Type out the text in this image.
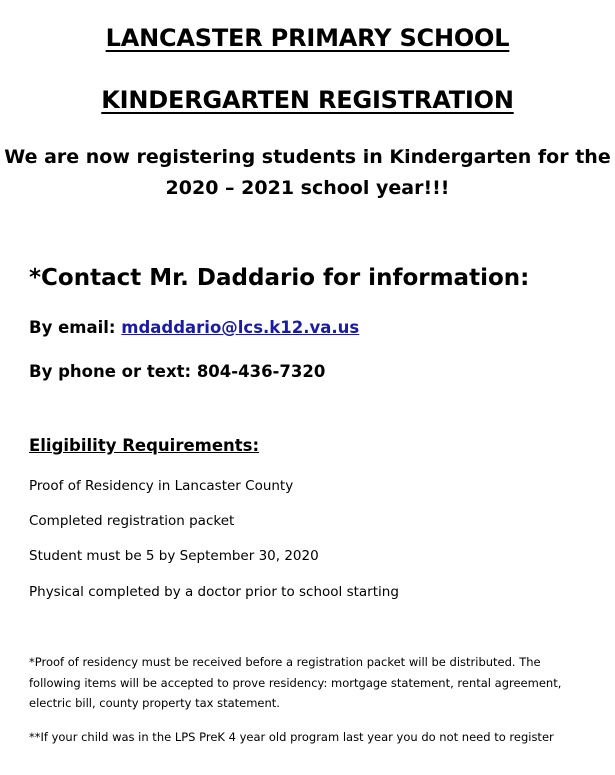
LANCASTER PRIMARY SCHOOL
KINDERGARTEN REGISTRATION
We are now registering students in Kindergarten for the
2020 – 2021 school year!!!
*Contact Mr. Daddario for information:

By email: mdaddario@lcs.k12.va.us

By phone or text: 804-436-7320

Eligibility Requirements:

Proof of Residency in Lancaster County

Completed registration packet

Student must be 5 by September 30, 2020

Physical completed by a doctor prior to school starting

*Proof of residency must be received before a registration packet will be distributed. The
following items will be accepted to prove residency: mortgage statement, rental agreement,
electric bill, county property tax statement.

**If your child was in the LPS PreK 4 year old program last year you do not need to register
